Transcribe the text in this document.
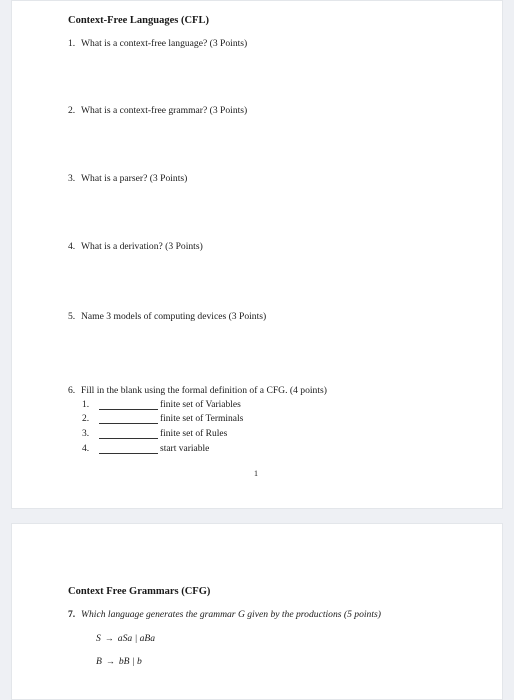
Context-Free Languages (CFL)
1. What is a context-free language? (3 Points)
2. What is a context-free grammar? (3 Points)
3. What is a parser? (3 Points)
4. What is a derivation? (3 Points)
5. Name 3 models of computing devices (3 Points)
6. Fill in the blank using the formal definition of a CFG. (4 points)
1.	finite set of Variables
2.	finite set of Terminals
3.	finite set of Rules
4.	start variable
1
Context Free Grammars (CFG)
7. Which language generates the grammar G given by the productions (5 points)
S → aSa | aBa
B → bB | b
